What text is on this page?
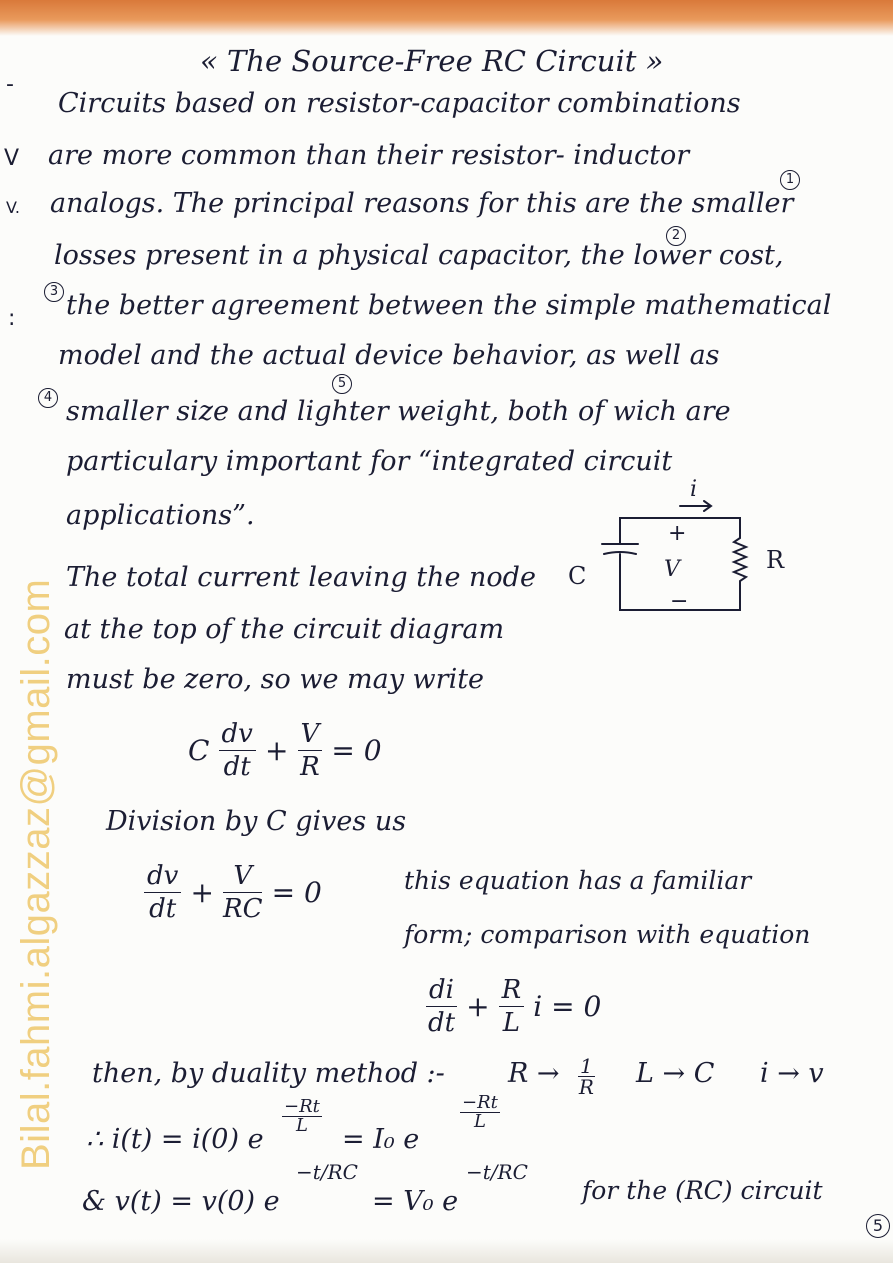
Bilal.fahmi.algazzaz@gmail.com
« The Source-Free RC Circuit »
-
V
V.
:
Circuits based on resistor-capacitor combinations
are more common than their resistor- inductor
analogs. The principal reasons for this are the smaller
losses present in a physical capacitor, the lower cost,
the better agreement between the simple mathematical
model and the actual device behavior, as well as
smaller size and lighter weight, both of wich are
particulary important for “integrated circuit
applications”.
1
2
3
4
5
The total current leaving the node
at the top of the circuit diagram
must be zero, so we may write
i
C
+
V
−
R
C $\frac{dv}{dt} + \frac{V}{R} = 0$
Division by C gives us
$\frac{dv}{dt} + \frac{V}{RC} = 0$	this equation has a familiar
form; comparison with equation
$\frac{di}{dt} + \frac{R}{L}$ i = 0
then, by duality method :- $R \to \frac{1}{R}$ L → C i → v
∴ i(t) = i(0) e
$\frac{-Rt}{L}$
= I₀ e
$\frac{-Rt}{L}$
& v(t) = v(0) e
−t/RC
= V₀ e
−t/RC
for the (RC) circuit
5
